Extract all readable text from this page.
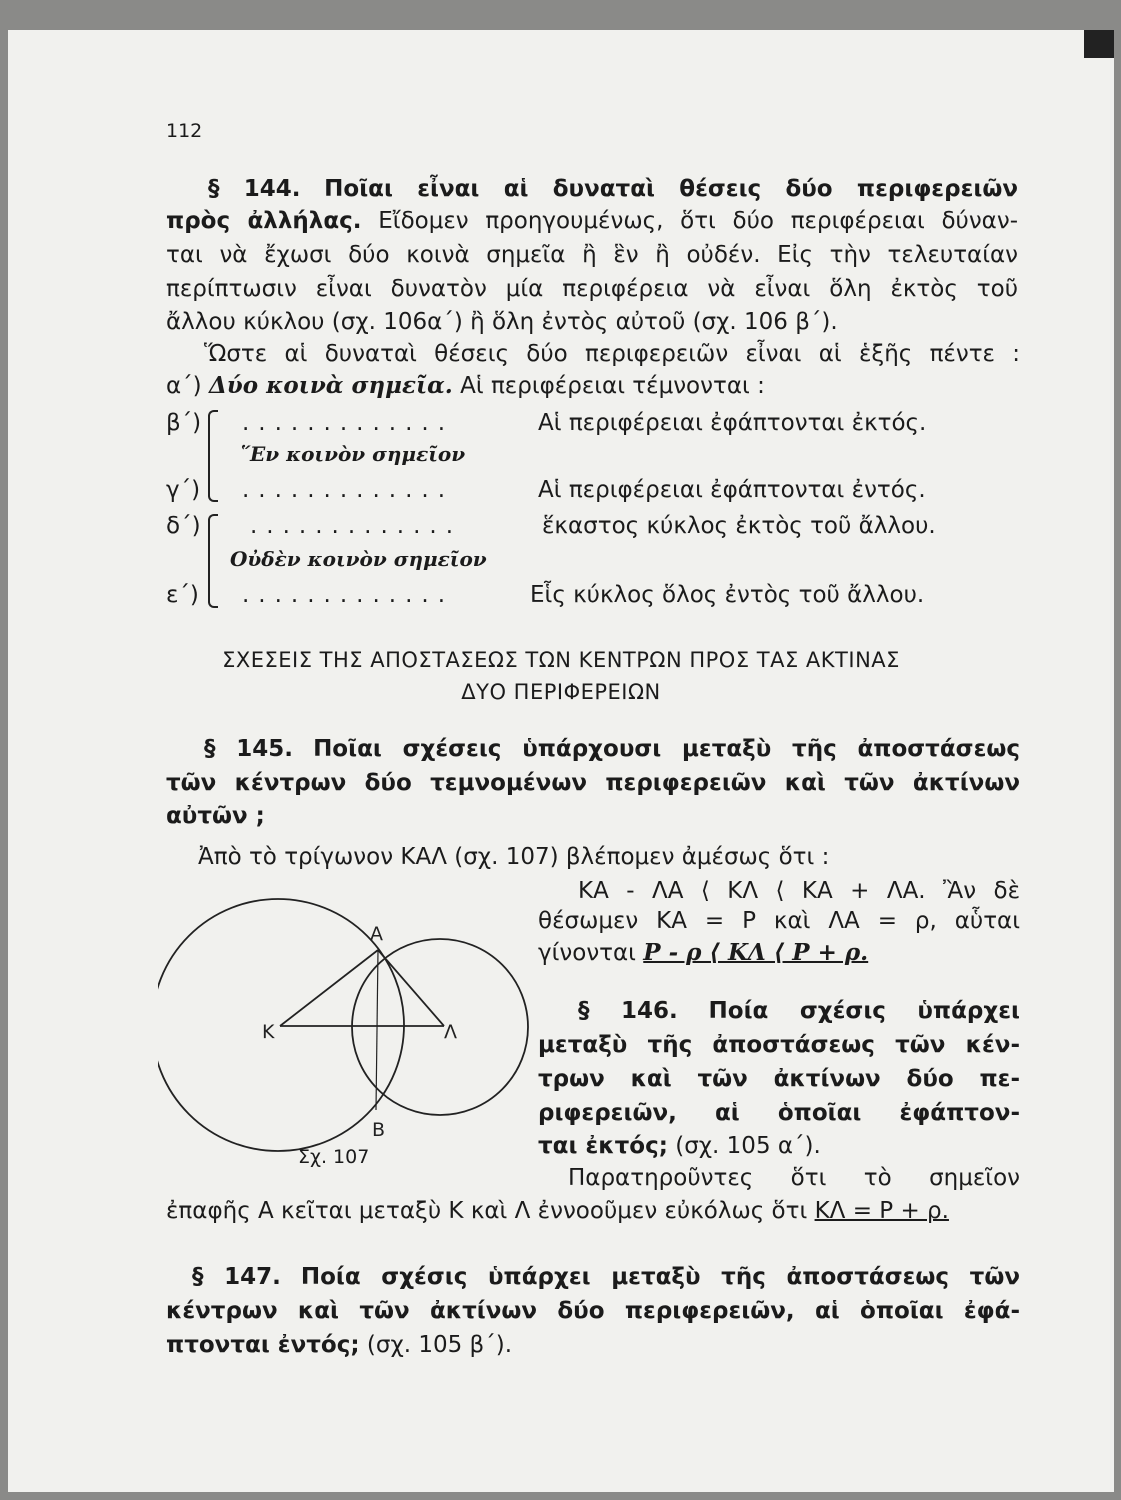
112
§ 144. Ποῖαι εἶναι αἱ δυναταὶ θέσεις δύο περιφερειῶν
πρὸς ἀλλήλας. Εἴδομεν προηγουμένως, ὅτι δύο περιφέρειαι δύναν-
ται νὰ ἔχωσι δύο κοινὰ σημεῖα ἢ ἓν ἢ οὐδέν. Εἰς τὴν τελευταίαν
περίπτωσιν εἶναι δυνατὸν μία περιφέρεια νὰ εἶναι ὅλη ἐκτὸς τοῦ
ἄλλου κύκλου (σχ. 106α΄) ἢ ὅλη ἐντὸς αὐτοῦ (σχ. 106 β΄).
Ὥστε αἱ δυναταὶ θέσεις δύο περιφερειῶν εἶναι αἱ ἑξῆς πέντε :
α΄) Δύο κοινὰ σημεῖα. Αἱ περιφέρειαι τέμνονται :
β΄) .............	Αἱ περιφέρειαι ἐφάπτονται ἐκτός.
῞Εν κοινὸν σημεῖον
γ΄) .............	Αἱ περιφέρειαι ἐφάπτονται ἐντός.
δ΄) .............	ἕκαστος κύκλος ἐκτὸς τοῦ ἄλλου.
Οὐδὲν κοινὸν σημεῖον
ε΄) .............	Εἷς κύκλος ὅλος ἐντὸς τοῦ ἄλλου.
ΣΧΕΣΕΙΣ ΤΗΣ ΑΠΟΣΤΑΣΕΩΣ ΤΩΝ ΚΕΝΤΡΩΝ ΠΡΟΣ ΤΑΣ ΑΚΤΙΝΑΣ
ΔΥΟ ΠΕΡΙΦΕΡΕΙΩΝ
§ 145. Ποῖαι σχέσεις ὑπάρχουσι μεταξὺ τῆς ἀποστάσεως
τῶν κέντρων δύο τεμνομένων περιφερειῶν καὶ τῶν ἀκτίνων
αὐτῶν ;
Ἀπὸ τὸ τρίγωνον ΚΑΛ (σχ. 107) βλέπομεν ἀμέσως ὅτι :
ΚΑ - ΛΑ ⟨ ΚΛ ⟨ ΚΑ + ΛΑ. Ἂν δὲ
θέσωμεν ΚΑ = Ρ καὶ ΛΑ = ρ, αὗται
γίνονται Ρ - ρ ⟨ ΚΛ ⟨ Ρ + ρ.
Α
Β
Κ	Λ
Σχ. 107
§ 146. Ποία σχέσις ὑπάρχει
μεταξὺ τῆς ἀποστάσεως τῶν κέν-
τρων καὶ τῶν ἀκτίνων δύο πε-
ριφερειῶν, αἱ ὁποῖαι ἐφάπτον-
ται ἐκτός; (σχ. 105 α΄).
Παρατηροῦντες ὅτι τὸ σημεῖον
ἐπαφῆς Α κεῖται μεταξὺ Κ καὶ Λ ἐννοοῦμεν εὐκόλως ὅτι ΚΛ = Ρ + ρ.
§ 147. Ποία σχέσις ὑπάρχει μεταξὺ τῆς ἀποστάσεως τῶν
κέντρων καὶ τῶν ἀκτίνων δύο περιφερειῶν, αἱ ὁποῖαι ἐφά-
πτονται ἐντός; (σχ. 105 β΄).
